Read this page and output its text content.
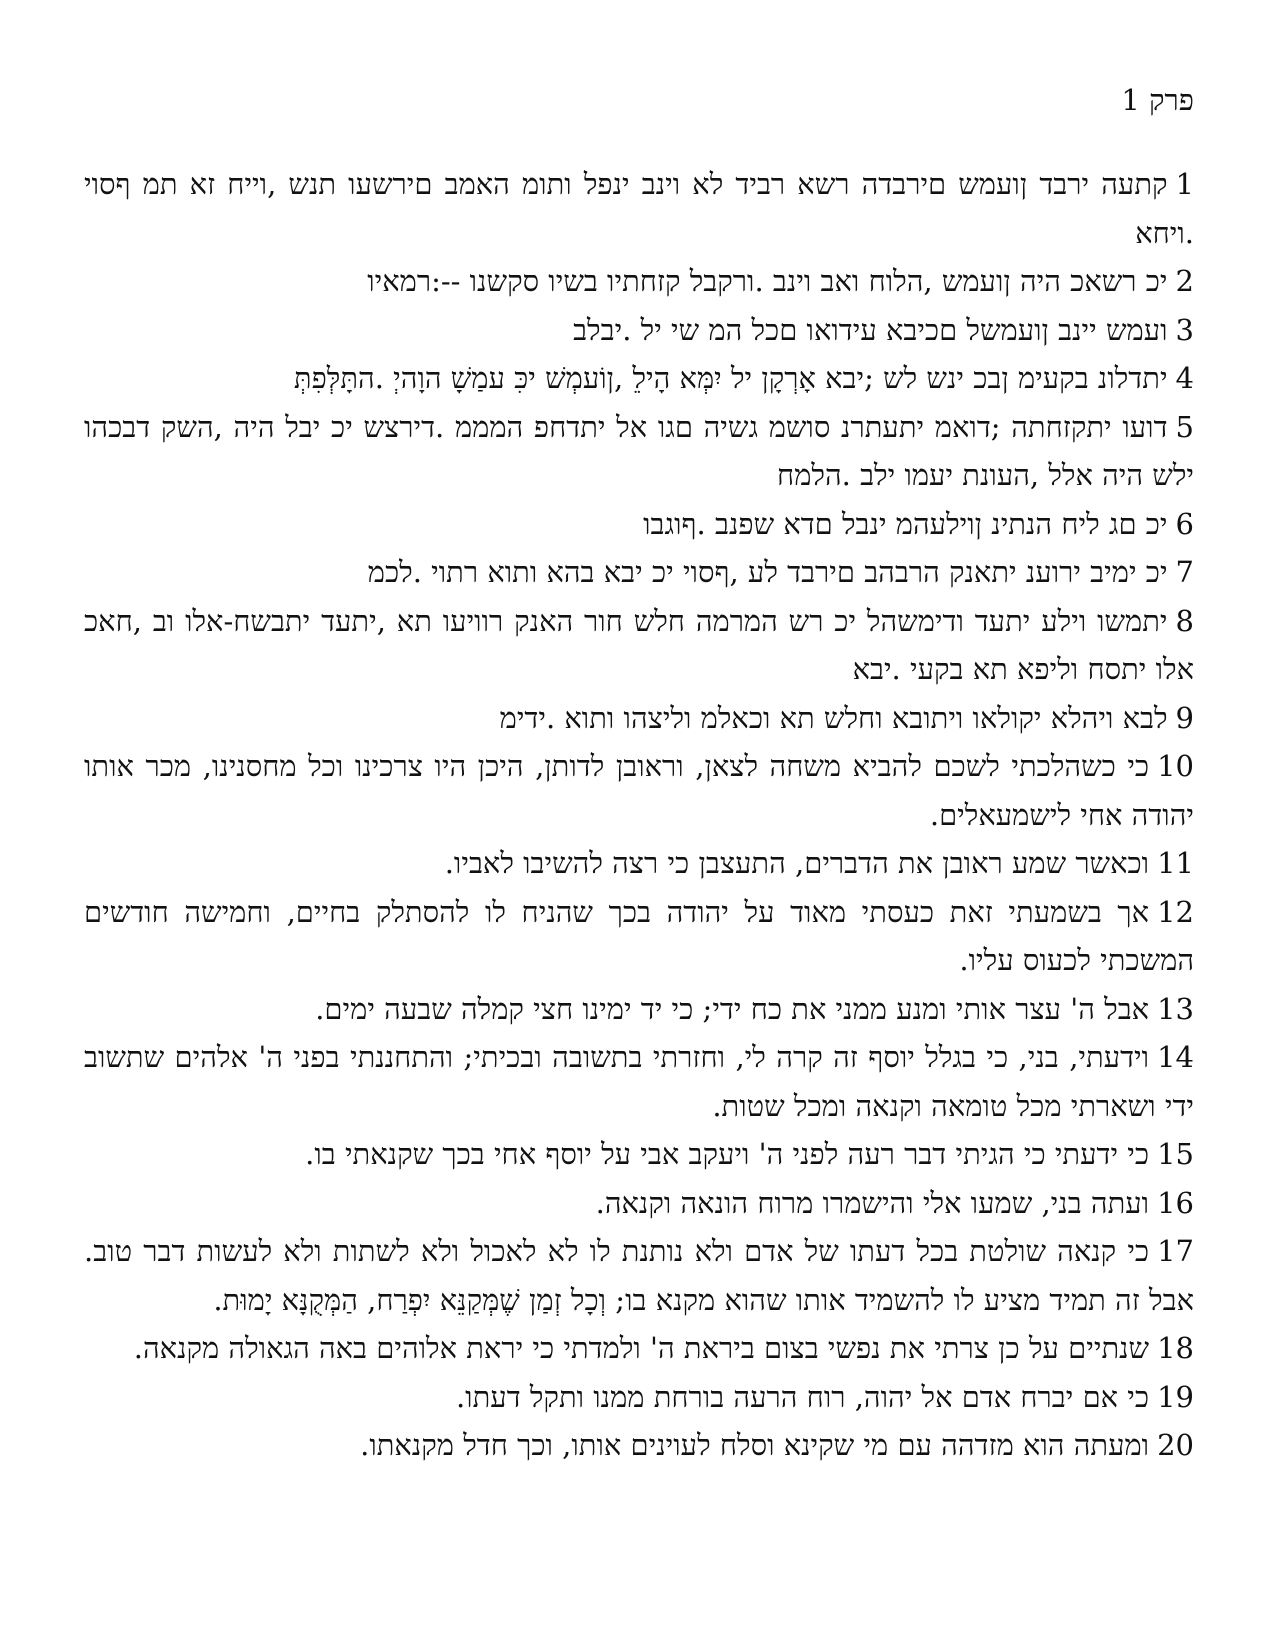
פרק 1

1קתעה ירבד ןועמש םירבדה רשא רביד לא וינב ינפל ותומ האמב םירשעו תנש ,וייח זא תמ ףסוי .ויחא

2יכ רשאכ היה ןועמש ,הלוח ואב וינב .ורקבל קזחתיו בשיו סקשנו --:רמאיו

3ועמש יינב ןועמשל םכיבא עידואו םכל המ שי יל .יבלב

4יתדלונ בקעימ ןבכ ינש לש ;יבא אָרְקָן יל יִמְּא הָילֵ ,ןוֹעמְשׁ יכִּ עמַשָׁ הוָהיְ .התָּלְּפִתְּ

5דועו יתקזחתה ;דואמ יתעתרנ סושמ גשיה םגו אל יתדחפ המממ .דירצש יכ יבל היה ,השק דבכהו ילש היה אלל ,העונת יעמו ילב .הלמח

6יכ םג ליח הנתינ ןוילעהמ ינבל םדא שפנב .ףוגבו

7יכ ימיב ירוענ יתאנק הרבהב םירבד לע ,ףסוי יכ יבא בהא ותוא רתוי .לכמ

8יתמשו וילע יתעד ודימשהל יכ רש המרמה חלש חור האנק רוויעו תא ,יתעד יתבשח-אלו וב ,חאכ אלו יתסח וליפא תא בקעי .יבא

9לבא ויהלא יקולאו ויתובא וחלש תא וכאלמ וליצהו ותוא .ידימ

10כי כשהלכתי לשכם להביא משחה לצאן, וראובן לדותן, היכן היו צרכינו וכל מחסנינו, מכר אותו יהודה אחי לישמעאלים.

11וכאשר שמע ראובן את הדברים, התעצבן כי רצה להשיבו לאביו.

12אך בשמעתי זאת כעסתי מאוד על יהודה בכך שהניח לו להסתלק בחיים, וחמישה חודשים המשכתי לכעוס עליו.

13אבל ה' עצר אותי ומנע ממני את כח ידי; כי יד ימינו חצי קמלה שבעה ימים.

14וידעתי, בני, כי בגלל יוסף זה קרה לי, וחזרתי בתשובה ובכיתי; והתחננתי בפני ה' אלהים שתשוב ידי ושארתי מכל טומאה וקנאה ומכל שטות.

15כי ידעתי כי הגיתי דבר רעה לפני ה' ויעקב אבי על יוסף אחי בכך שקנאתי בו.

16ועתה בני, שמעו אלי והישמרו מרוח הונאה וקנאה.

17כי קנאה שולטת בכל דעתו של אדם ולא נותנת לו לא לאכול ולא לשתות ולא לעשות דבר טוב. אבל זה תמיד מציע לו להשמיד אותו שהוא מקנא בו; וְכָל זְמַן שֶׁמְּקַנֵּא יִפְרַח, הַמְּקֻנָּא יָמוּת.

18שנתיים על כן צרתי את נפשי בצום ביראת ה' ולמדתי כי יראת אלוהים באה הגאולה מקנאה.

19כי אם יברח אדם אל יהוה, רוח הרעה בורחת ממנו ותקל דעתו.

20ומעתה הוא מזדהה עם מי שקינא וסלח לעוינים אותו, וכך חדל מקנאתו.
